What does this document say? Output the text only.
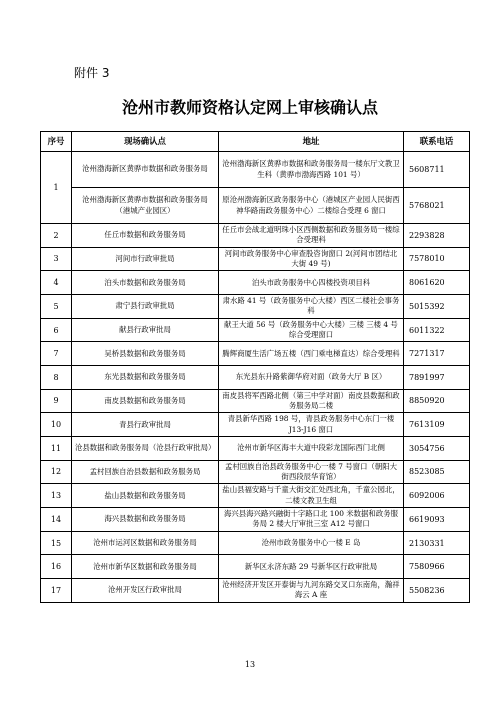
附件 3
沧州市教师资格认定网上审核确认点
序号	现场确认点	地址	联系电话
1	沧州渤海新区黄骅市数据和政务服务局	沧州渤海新区黄骅市数据和政务服务局一楼东厅文教卫生科（黄骅市渤海西路 101 号）	5608711
	沧州渤海新区黄骅市数据和政务服务局（港城产业园区）	原沧州渤海新区政务服务中心（港城区产业园人民街西神华路南政务服务中心）二楼综合受理 6 窗口	5768021
2	任丘市数据和政务服务局	任丘市会战北道明珠小区西侧数据和政务服务局一楼综合受理科	2293828
3	河间市行政审批局	河间市政务服务中心审查股咨询窗口 2(河间市团结北大街 49 号)	7578010
4	泊头市数据和政务服务局	泊头市政务服务中心四楼投资项目科	8061620
5	肃宁县行政审批局	肃水路 41 号（政务服务中心大楼）西区二楼社会事务科	5015392
6	献县行政审批局	献王大道 56 号（政务服务中心大楼）三楼 三楼 4 号综合受理窗口	6011322
7	吴桥县数据和政务服务局	腾辉商厦生活广场五楼（西门乘电梯直达）综合受理科	7271317
8	东光县数据和政务服务局	东光县东升路紫御华府对面（政务大厅 B 区）	7891997
9	南皮县数据和政务服务局	南皮县将军西路北侧（第三中学对面）南皮县数据和政务服务局二楼	8850920
10	青县行政审批局	青县新华西路 198 号，青县政务服务中心东门一楼 J13-J16 窗口	7613109
11	沧县数据和政务服务局（沧县行政审批局）	沧州市新华区海丰大道中段彩龙国际西门北侧	3054756
12	孟村回族自治县数据和政务服务局	孟村回族自治县政务服务中心一楼 7 号窗口（朝阳大街西段辰华育馆）	8523085
13	盐山县数据和政务服务局	盐山县福安路与千童大街交汇处西北角，千童公园北，二楼文教卫生组	6092006
14	海兴县数据和政务服务局	海兴县海兴路兴融街十字路口北 100 米数据和政务服务局 2 楼大厅审批三室 A12 号窗口	6619093
15	沧州市运河区数据和政务服务局	沧州市政务服务中心一楼 E 岛	2130331
16	沧州市新华区数据和政务服务局	新华区永济东路 29 号新华区行政审批局	7580966
17	沧州开发区行政审批局	沧州经济开发区开泰街与九河东路交叉口东南角，瀚祥海云 A 座	5508236
13
